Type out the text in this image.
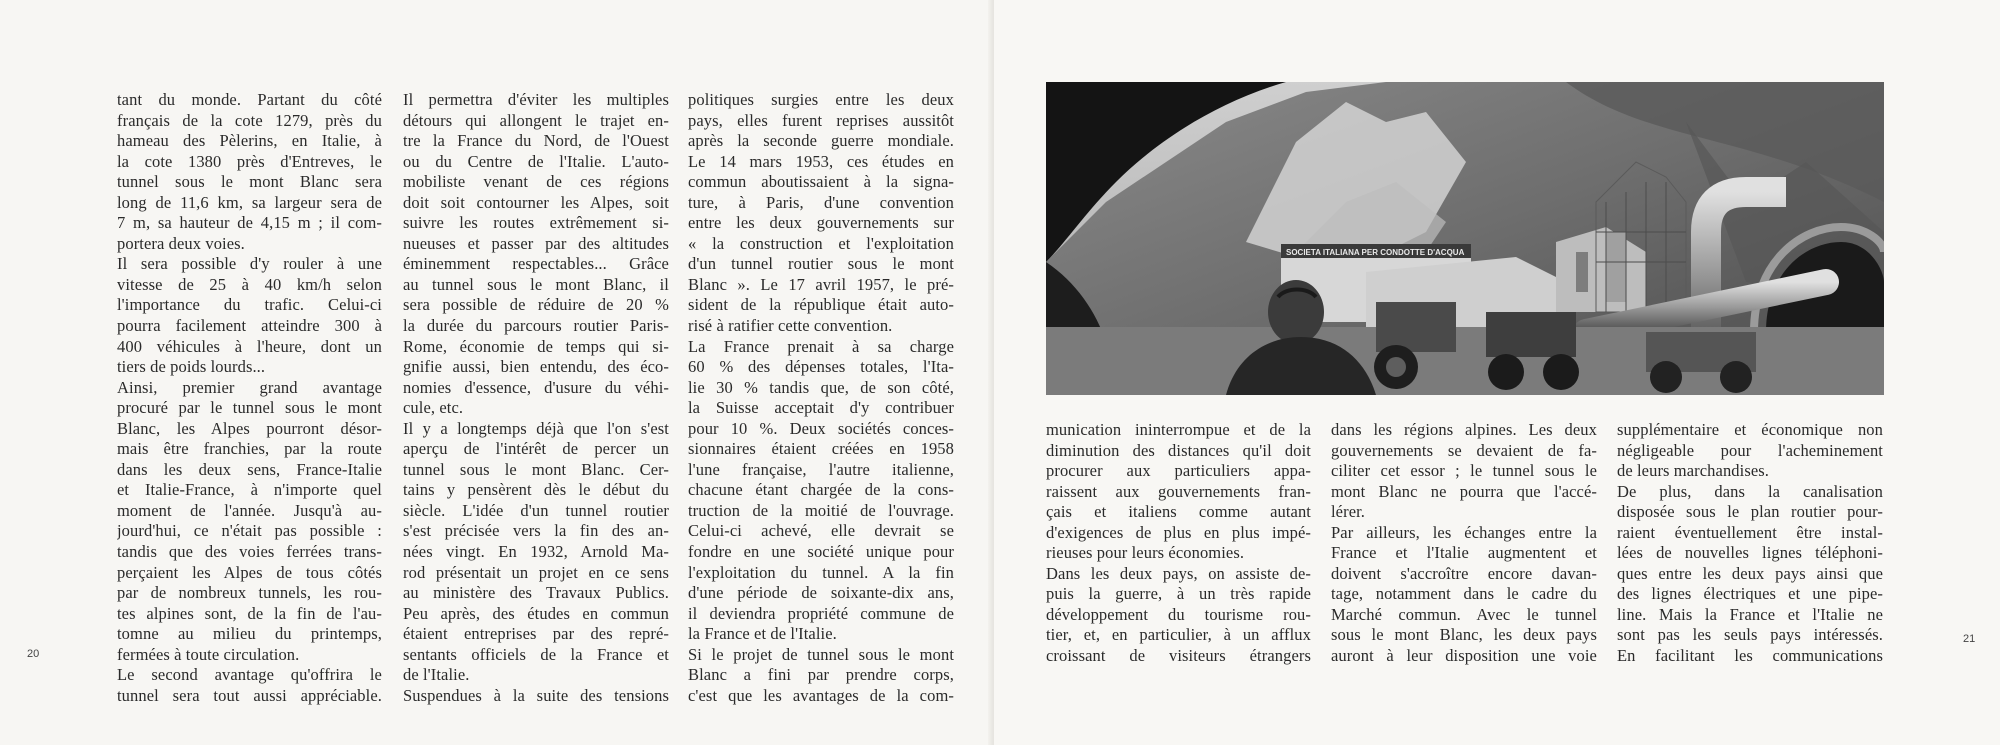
tant du monde. Partant du côté
français de la cote 1279, près du
hameau des Pèlerins, en Italie, à
la cote 1380 près d'Entreves, le
tunnel sous le mont Blanc sera
long de 11,6 km, sa largeur sera de
7 m, sa hauteur de 4,15 m ; il com-
portera deux voies.
Il sera possible d'y rouler à une
vitesse de 25 à 40 km/h selon
l'importance du trafic. Celui-ci
pourra facilement atteindre 300 à
400 véhicules à l'heure, dont un
tiers de poids lourds...
Ainsi, premier grand avantage
procuré par le tunnel sous le mont
Blanc, les Alpes pourront désor-
mais être franchies, par la route
dans les deux sens, France-Italie
et Italie-France, à n'importe quel
moment de l'année. Jusqu'à au-
jourd'hui, ce n'était pas possible :
tandis que des voies ferrées trans-
perçaient les Alpes de tous côtés
par de nombreux tunnels, les rou-
tes alpines sont, de la fin de l'au-
tomne au milieu du printemps,
fermées à toute circulation.
Le second avantage qu'offrira le
tunnel sera tout aussi appréciable.
Il permettra d'éviter les multiples
détours qui allongent le trajet en-
tre la France du Nord, de l'Ouest
ou du Centre de l'Italie. L'auto-
mobiliste venant de ces régions
doit soit contourner les Alpes, soit
suivre les routes extrêmement si-
nueuses et passer par des altitudes
éminemment respectables... Grâce
au tunnel sous le mont Blanc, il
sera possible de réduire de 20 %
la durée du parcours routier Paris-
Rome, économie de temps qui si-
gnifie aussi, bien entendu, des éco-
nomies d'essence, d'usure du véhi-
cule, etc.
Il y a longtemps déjà que l'on s'est
aperçu de l'intérêt de percer un
tunnel sous le mont Blanc. Cer-
tains y pensèrent dès le début du
siècle. L'idée d'un tunnel routier
s'est précisée vers la fin des an-
nées vingt. En 1932, Arnold Ma-
rod présentait un projet en ce sens
au ministère des Travaux Publics.
Peu après, des études en commun
étaient entreprises par des repré-
sentants officiels de la France et
de l'Italie.
Suspendues à la suite des tensions
politiques surgies entre les deux
pays, elles furent reprises aussitôt
après la seconde guerre mondiale.
Le 14 mars 1953, ces études en
commun aboutissaient à la signa-
ture, à Paris, d'une convention
entre les deux gouvernements sur
« la construction et l'exploitation
d'un tunnel routier sous le mont
Blanc ». Le 17 avril 1957, le pré-
sident de la république était auto-
risé à ratifier cette convention.
La France prenait à sa charge
60 % des dépenses totales, l'Ita-
lie 30 % tandis que, de son côté,
la Suisse acceptait d'y contribuer
pour 10 %. Deux sociétés conces-
sionnaires étaient créées en 1958
l'une française, l'autre italienne,
chacune étant chargée de la cons-
truction de la moitié de l'ouvrage.
Celui-ci achevé, elle devrait se
fondre en une société unique pour
l'exploitation du tunnel. A la fin
d'une période de soixante-dix ans,
il deviendra propriété commune de
la France et de l'Italie.
Si le projet de tunnel sous le mont
Blanc a fini par prendre corps,
c'est que les avantages de la com-
20
SOCIETA ITALIANA PER CONDOTTE D'ACQUA
munication ininterrompue et de la
diminution des distances qu'il doit
procurer aux particuliers appa-
raissent aux gouvernements fran-
çais et italiens comme autant
d'exigences de plus en plus impé-
rieuses pour leurs économies.
Dans les deux pays, on assiste de-
puis la guerre, à un très rapide
développement du tourisme rou-
tier, et, en particulier, à un afflux
croissant de visiteurs étrangers
dans les régions alpines. Les deux
gouvernements se devaient de fa-
ciliter cet essor ; le tunnel sous le
mont Blanc ne pourra que l'accé-
lérer.
Par ailleurs, les échanges entre la
France et l'Italie augmentent et
doivent s'accroître encore davan-
tage, notamment dans le cadre du
Marché commun. Avec le tunnel
sous le mont Blanc, les deux pays
auront à leur disposition une voie
supplémentaire et économique non
négligeable pour l'acheminement
de leurs marchandises.
De plus, dans la canalisation
disposée sous le plan routier pour-
raient éventuellement être instal-
lées de nouvelles lignes téléphoni-
ques entre les deux pays ainsi que
des lignes électriques et une pipe-
line. Mais la France et l'Italie ne
sont pas les seuls pays intéressés.
En facilitant les communications
21
